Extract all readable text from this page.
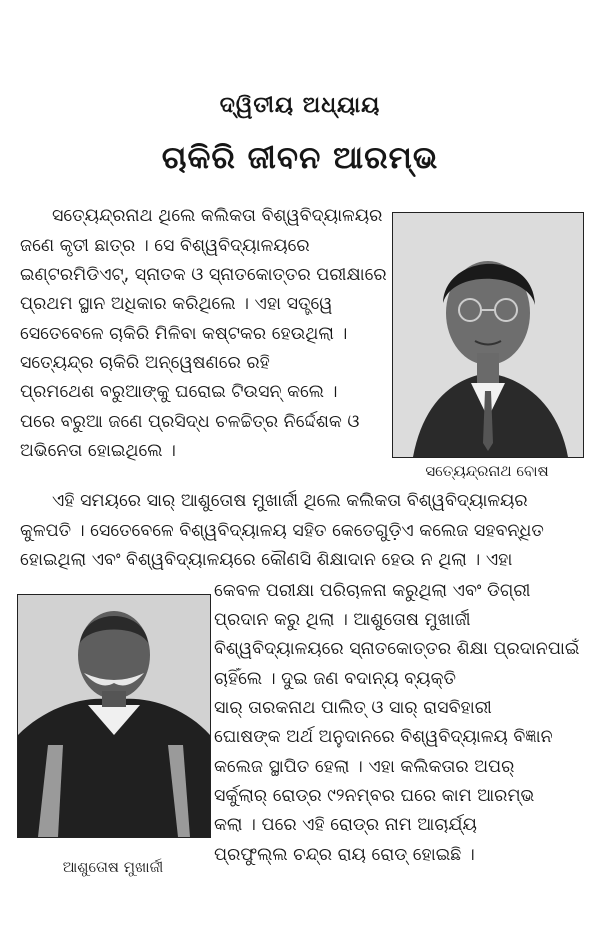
ଦ୍ୱିତୀୟ ଅଧ୍ୟାୟ
ଚାକିରି ଜୀବନ ଆରମ୍ଭ
ସତ୍ୟେନ୍ଦ୍ରନାଥ ଥିଲେ କଲିକତା ବିଶ୍ୱବିଦ୍ୟାଳୟର
ଜଣେ କୃତୀ ଛାତ୍ର । ସେ ବିଶ୍ୱବିଦ୍ୟାଳୟରେ
ଇଣ୍ଟରମିଡିଏଟ୍, ସ୍ନାତକ ଓ ସ୍ନାତକୋତ୍ତର ପରୀକ୍ଷାରେ
ପ୍ରଥମ ସ୍ଥାନ ଅଧିକାର କରିଥିଲେ । ଏହା ସତ୍ତ୍ୱେ
ସେତେବେଳେ ଚାକିରି ମିଳିବା କଷ୍ଟକର ହେଉଥିଲା ।
ସତ୍ୟେନ୍ଦ୍ର ଚାକିରି ଅନ୍ୱେଷଣରେ ରହି
ପ୍ରମଥେଶ ବରୁଆଙ୍କୁ ଘରୋଇ ଟିଉସନ୍ କଲେ ।
ପରେ ବରୁଆ ଜଣେ ପ୍ରସିଦ୍ଧ ଚଳଚ୍ଚିତ୍ର ନିର୍ଦ୍ଦେଶକ ଓ
ଅଭିନେତା ହୋଇଥିଲେ ।
ସତ୍ୟେନ୍ଦ୍ରନାଥ ବୋଷ
ଏହି ସମୟରେ ସାର୍ ଆଶୁତୋଷ ମୁଖାର୍ଜୀ ଥିଲେ କଲିକତା ବିଶ୍ୱବିଦ୍ୟାଳୟର
କୁଳପତି । ସେତେବେଳେ ବିଶ୍ୱବିଦ୍ୟାଳୟ ସହିତ କେତେଗୁଡ଼ିଏ କଲେଜ ସହବନ୍ଧିତ
ହୋଇଥିଲା ଏବଂ ବିଶ୍ୱବିଦ୍ୟାଳୟରେ କୌଣସି ଶିକ୍ଷାଦାନ ହେଉ ନ ଥିଲା । ଏହା
ଆଶୁତୋଷ ମୁଖାର୍ଜୀ
କେବଳ ପରୀକ୍ଷା ପରିଚାଳନା କରୁଥିଲା ଏବଂ ଡିଗ୍ରୀ
ପ୍ରଦାନ କରୁ ଥିଲା । ଆଶୁତୋଷ ମୁଖାର୍ଜୀ
ବିଶ୍ୱବିଦ୍ୟାଳୟରେ ସ୍ନାତକୋତ୍ତର ଶିକ୍ଷା ପ୍ରଦାନପାଇଁ
ଚାହିଁଲେ । ଦୁଇ ଜଣ ବଦାନ୍ୟ ବ୍ୟକ୍ତି
ସାର୍ ତାରକନାଥ ପାଲିତ୍ ଓ ସାର୍ ରାସବିହାରୀ
ଘୋଷଙ୍କ ଅର୍ଥ ଅନୁଦାନରେ ବିଶ୍ୱବିଦ୍ୟାଳୟ ବିଜ୍ଞାନ
କଲେଜ ସ୍ଥାପିତ ହେଲା । ଏହା କଲିକତାର ଅପର୍
ସର୍କୁଲାର୍ ରୋଡ୍‌ର ୯୨ନମ୍ବର ଘରେ କାମ ଆରମ୍ଭ
କଲା । ପରେ ଏହି ରୋଡ୍‌ର ନାମ ଆଚାର୍ଯ୍ୟ
ପ୍ରଫୁଲ୍ଲ ଚନ୍ଦ୍ର ରାୟ ରୋଡ୍ ହୋଇଛି ।
